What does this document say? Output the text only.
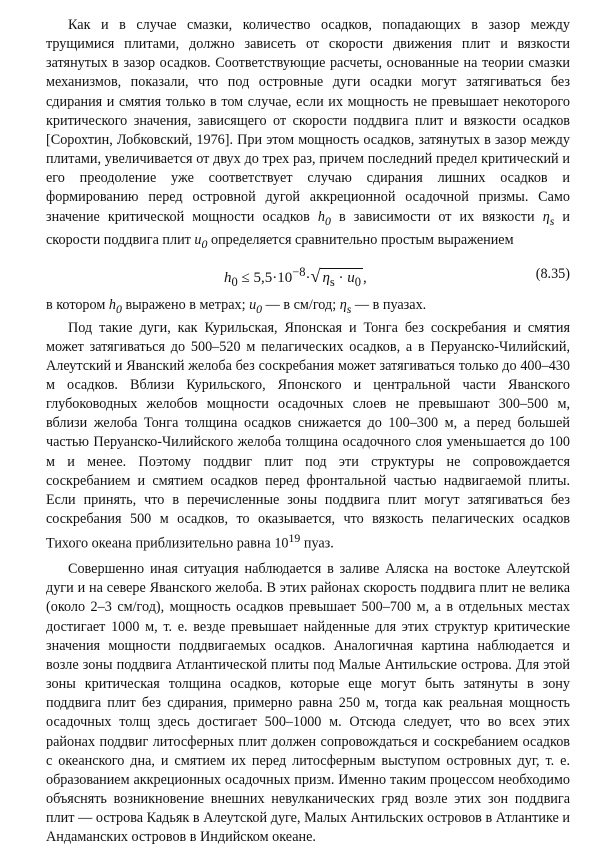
Как и в случае смазки, количество осадков, попадающих в зазор между трущимися плитами, должно зависеть от скорости движения плит и вязкости затянутых в зазор осадков. Соответствующие расчеты, основанные на теории смазки механизмов, показали, что под островные дуги осадки могут затягиваться без сдирания и смятия только в том случае, если их мощность не превышает некоторого критического значения, зависящего от скорости поддвига плит и вязкости осадков [Сорохтин, Лобковский, 1976]. При этом мощность осадков, затянутых в зазор между плитами, увеличивается от двух до трех раз, причем последний предел критический и его преодоление уже соответствует случаю сдирания лишних осадков и формированию перед островной дугой аккреционной осадочной призмы. Само значение критической мощности осадков $h_0$ в зависимости от их вязкости $\eta_s$ и скорости поддвига плит $u_0$ определяется сравнительно простым выражением

$h_0 \le 5,5\cdot 10^{-8}\cdot√$ $\eta_s \cdot u_0$ ,	(8.35)

в котором $h_0$ выражено в метрах; $u_0$ — в см/год; $\eta_s$ — в пуазах.

Под такие дуги, как Курильская, Японская и Тонга без соскребания и смятия может затягиваться до 500–520 м пелагических осадков, а в Перуанско-Чилийский, Алеутский и Яванский желоба без соскребания может затягиваться только до 400–430 м осадков. Вблизи Курильского, Японского и центральной части Яванского глубоководных желобов мощности осадочных слоев не превышают 300–500 м, вблизи желоба Тонга толщина осадков снижается до 100–300 м, а перед большей частью Перуанско-Чилийского желоба толщина осадочного слоя уменьшается до 100 м и менее. Поэтому поддвиг плит под эти структуры не сопровождается соскребанием и смятием осадков перед фронтальной частью надвигаемой плиты. Если принять, что в перечисленные зоны поддвига плит могут затягиваться без соскребания 500 м осадков, то оказывается, что вязкость пелагических осадков Тихого океана приблизительно равна $10^{19}$ пуаз.

Совершенно иная ситуация наблюдается в заливе Аляска на востоке Алеутской дуги и на севере Яванского желоба. В этих районах скорость поддвига плит не велика (около 2–3 см/год), мощность осадков превышает 500–700 м, а в отдельных местах достигает 1000 м, т. е. везде превышает найденные для этих структур критические значения мощности поддвигаемых осадков. Аналогичная картина наблюдается и возле зоны поддвига Атлантической плиты под Малые Антильские острова. Для этой зоны критическая толщина осадков, которые еще могут быть затянуты в зону поддвига плит без сдирания, примерно равна 250 м, тогда как реальная мощность осадочных толщ здесь достигает 500–1000 м. Отсюда следует, что во всех этих районах поддвиг литосферных плит должен сопровождаться и соскребанием осадков с океанского дна, и смятием их перед литосферным выступом островных дуг, т. е. образованием аккреционных осадочных призм. Именно таким процессом необходимо объяснять возникновение внешних невулканических гряд возле этих зон поддвига плит — острова Кадьяк в Алеутской дуге, Малых Антильских островов в Атлантике и Андаманских островов в Индийском океане.
